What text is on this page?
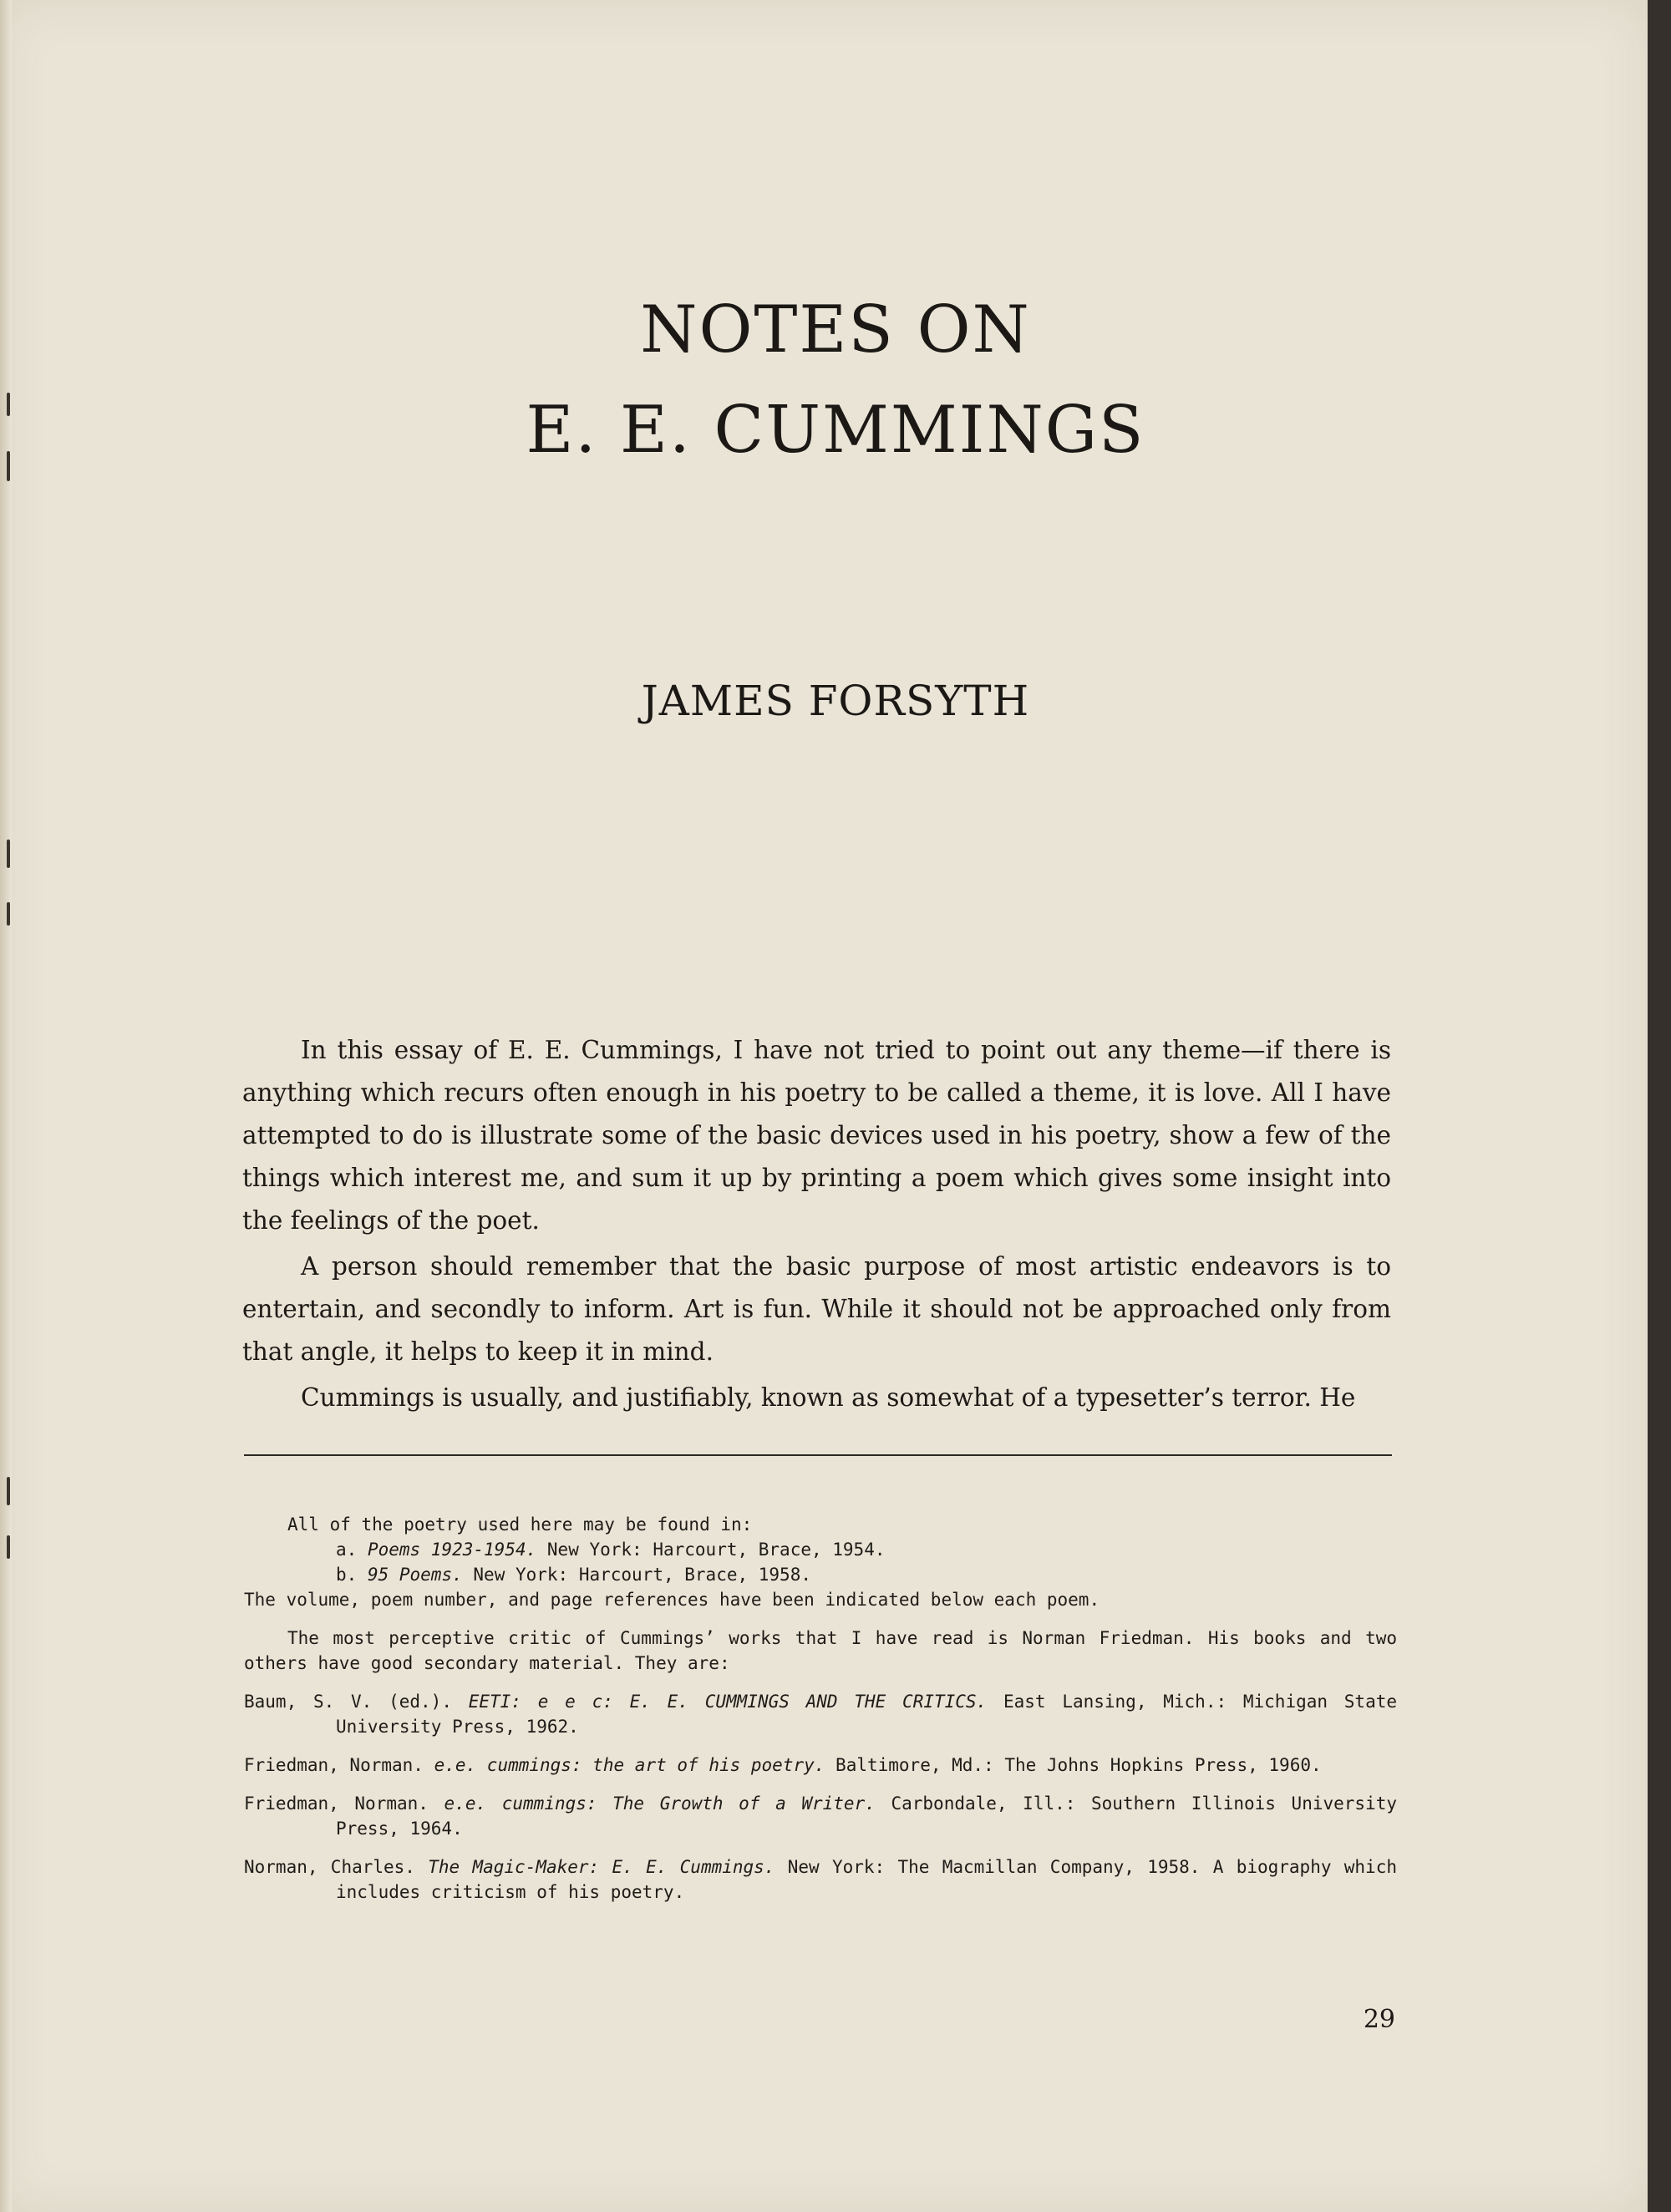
NOTES ON
E. E. CUMMINGS
JAMES FORSYTH

In this essay of E. E. Cummings, I have not tried to point out any theme—if there is anything which recurs often enough in his poetry to be called a theme, it is love. All I have attempted to do is illustrate some of the basic devices used in his poetry, show a few of the things which interest me, and sum it up by printing a poem which gives some insight into the feelings of the poet.

A person should remember that the basic purpose of most artistic endeavors is to entertain, and secondly to inform. Art is fun. While it should not be approached only from that angle, it helps to keep it in mind.

Cummings is usually, and justifiably, known as somewhat of a typesetter’s terror. He

All of the poetry used here may be found in:
a. Poems 1923-1954. New York: Harcourt, Brace, 1954.
b. 95 Poems. New York: Harcourt, Brace, 1958.
The volume, poem number, and page references have been indicated below each poem.
The most perceptive critic of Cummings’ works that I have read is Norman Friedman. His books and two others have good secondary material. They are:
Baum, S. V. (ed.). EETI: e e c: E. E. CUMMINGS AND THE CRITICS. East Lansing, Mich.: Michigan State University Press, 1962.
Friedman, Norman. e.e. cummings: the art of his poetry. Baltimore, Md.: The Johns Hopkins Press, 1960.
Friedman, Norman. e.e. cummings: The Growth of a Writer. Carbondale, Ill.: Southern Illinois University Press, 1964.
Norman, Charles. The Magic-Maker: E. E. Cummings. New York: The Macmillan Company, 1958. A biography which includes criticism of his poetry.
29
